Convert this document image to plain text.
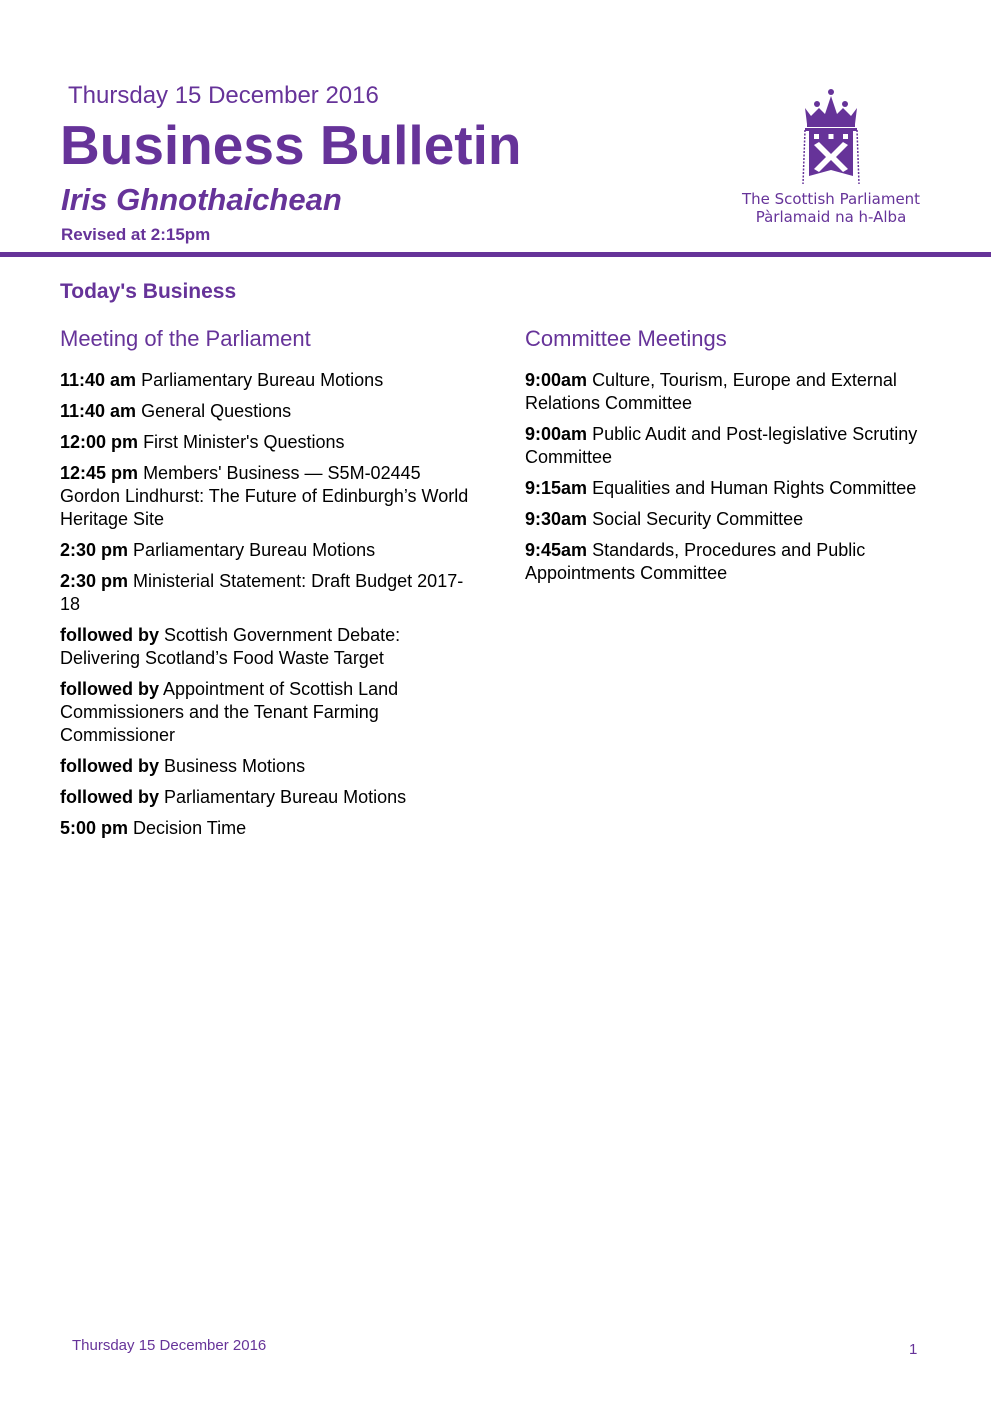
Thursday 15 December 2016
Business Bulletin
Iris Ghnothaichean
Revised at 2:15pm
The Scottish Parliament
Pàrlamaid na h-Alba
Today's Business
Meeting of the Parliament
11:40 am Parliamentary Bureau Motions
11:40 am General Questions
12:00 pm First Minister's Questions
12:45 pm Members' Business — S5M-02445 Gordon Lindhurst: The Future of Edinburgh’s World Heritage Site
2:30 pm Parliamentary Bureau Motions
2:30 pm Ministerial Statement: Draft Budget 2017-18
followed by Scottish Government Debate: Delivering Scotland’s Food Waste Target
followed by Appointment of Scottish Land Commissioners and the Tenant Farming Commissioner
followed by Business Motions
followed by Parliamentary Bureau Motions
5:00 pm Decision Time
Committee Meetings
9:00am Culture, Tourism, Europe and External Relations Committee
9:00am Public Audit and Post-legislative Scrutiny Committee
9:15am Equalities and Human Rights Committee
9:30am Social Security Committee
9:45am Standards, Procedures and Public Appointments Committee
Thursday 15 December 2016	1
